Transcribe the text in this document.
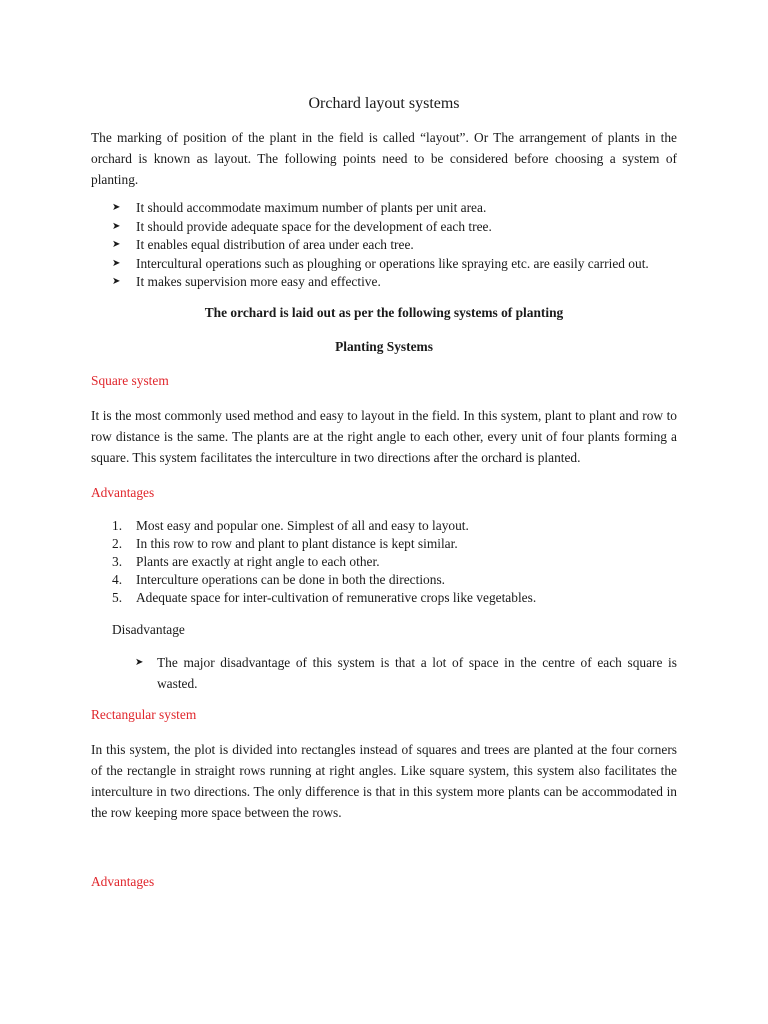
Orchard layout systems

The marking of position of the plant in the field is called “layout”. Or The arrangement of plants in the orchard is known as layout. The following points need to be considered before choosing a system of planting.

➤ It should accommodate maximum number of plants per unit area.
➤ It should provide adequate space for the development of each tree.
➤ It enables equal distribution of area under each tree.
➤ Intercultural operations such as ploughing or operations like spraying etc. are easily carried out.
➤ It makes supervision more easy and effective.

The orchard is laid out as per the following systems of planting

Planting Systems

Square system

It is the most commonly used method and easy to layout in the field. In this system, plant to plant and row to row distance is the same. The plants are at the right angle to each other, every unit of four plants forming a square. This system facilitates the interculture in two directions after the orchard is planted.

Advantages

1. Most easy and popular one. Simplest of all and easy to layout.
2. In this row to row and plant to plant distance is kept similar.
3. Plants are exactly at right angle to each other.
4. Interculture operations can be done in both the directions.
5. Adequate space for inter-cultivation of remunerative crops like vegetables.

Disadvantage

➤ The major disadvantage of this system is that a lot of space in the centre of each square is wasted.

Rectangular system

In this system, the plot is divided into rectangles instead of squares and trees are planted at the four corners of the rectangle in straight rows running at right angles. Like square system, this system also facilitates the interculture in two directions. The only difference is that in this system more plants can be accommodated in the row keeping more space between the rows.

Advantages
